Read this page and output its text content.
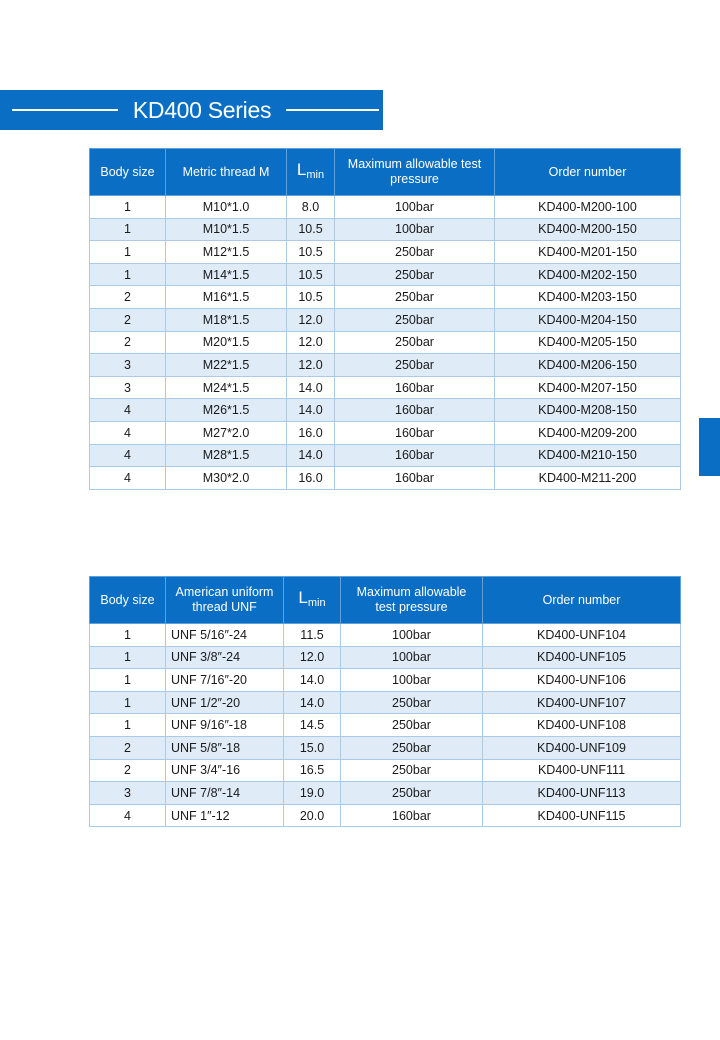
KD400 Series
Body size	Metric thread M	$L_{min}$	Maximum allowable test pressure	Order number
1	M10*1.0	8.0	100bar	KD400-M200-100
1	M10*1.5	10.5	100bar	KD400-M200-150
1	M12*1.5	10.5	250bar	KD400-M201-150
1	M14*1.5	10.5	250bar	KD400-M202-150
2	M16*1.5	10.5	250bar	KD400-M203-150
2	M18*1.5	12.0	250bar	KD400-M204-150
2	M20*1.5	12.0	250bar	KD400-M205-150
3	M22*1.5	12.0	250bar	KD400-M206-150
3	M24*1.5	14.0	160bar	KD400-M207-150
4	M26*1.5	14.0	160bar	KD400-M208-150
4	M27*2.0	16.0	160bar	KD400-M209-200
4	M28*1.5	14.0	160bar	KD400-M210-150
4	M30*2.0	16.0	160bar	KD400-M211-200
Body size	American uniform thread UNF	$L_{min}$	Maximum allowable test pressure	Order number
1	UNF 5/16″-24	11.5	100bar	KD400-UNF104
1	UNF 3/8″-24	12.0	100bar	KD400-UNF105
1	UNF 7/16″-20	14.0	100bar	KD400-UNF106
1	UNF 1/2″-20	14.0	250bar	KD400-UNF107
1	UNF 9/16″-18	14.5	250bar	KD400-UNF108
2	UNF 5/8″-18	15.0	250bar	KD400-UNF109
2	UNF 3/4″-16	16.5	250bar	KD400-UNF111
3	UNF 7/8″-14	19.0	250bar	KD400-UNF113
4	UNF 1″-12	20.0	160bar	KD400-UNF115
